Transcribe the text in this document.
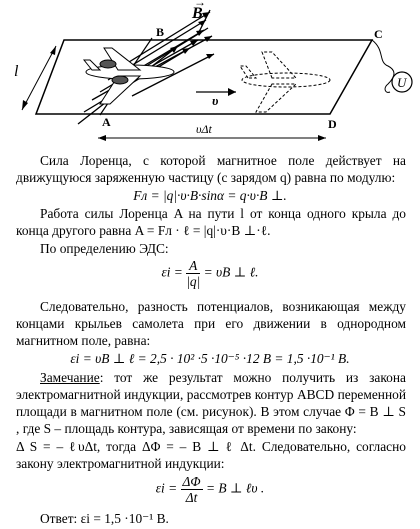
B
→
l
B	C
A	D
υ
υΔt
U

Сила Лоренца, с которой магнитное поле действует на движущуюся заряженную частицу (с зарядом q) равна по модулю:

Fл = |q|·υ·B·sinα = q·υ·B ⊥.

Работа силы Лоренца A на пути l от конца одного крыла до конца другого равна A = Fл · ℓ = |q|·υ·B ⊥·ℓ.

По определению ЭДС:

$\varepsilon i = \frac{A}{|q|} = \upsilon B$ ⊥ ℓ.

Следовательно, разность потенциалов, возникающая между концами крыльев самолета при его движении в однородном магнитном поле, равна:

εi = υB ⊥ ℓ = 2,5 · 10² ·5 ·10⁻⁵ ·12 В = 1,5 ·10⁻¹ В.

Замечание: тот же результат можно получить из закона электромагнитной индукции, рассмотрев контур ABCD переменной площади в магнитном поле (см. рисунок). В этом случае Φ = B ⊥ S , где S – площадь контура, зависящая от времени по закону:

Δ S = – ℓυΔt, тогда ΔΦ = – B ⊥ ℓ Δt. Следовательно, согласно закону электромагнитной индукции:

$\varepsilon i = \frac{\Delta\Phi}{\Delta t} = B$ ⊥ ℓυ .

Ответ: εi = 1,5 ·10⁻¹ В.
